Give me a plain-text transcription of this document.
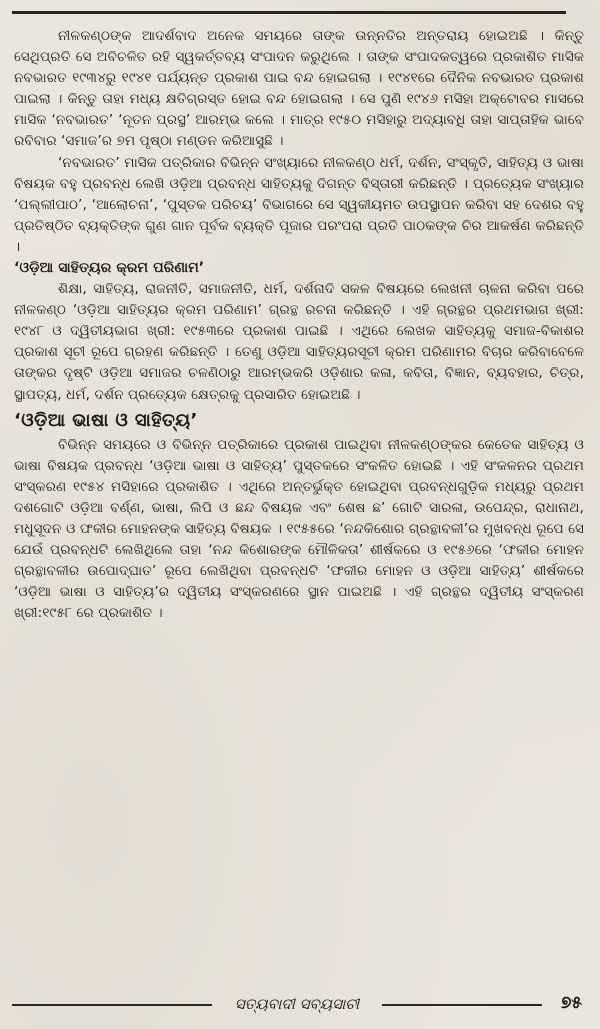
ନୀଳକଣ୍ଠଙ୍କ ଆଦର୍ଶବାଦ ଅନେକ ସମୟରେ ତାଙ୍କ ଉନ୍ନତିର ଅନ୍ତରାୟ ହୋଇଅଛି । କିନ୍ତୁ ସେଥିପ୍ରତି ସେ ଅବିଚଳିତ ରହି ସ୍ୱକର୍ତ୍ତବ୍ୟ ସଂପାଦନ କରୁଥିଲେ । ତାଙ୍କ ସଂପାଦକତ୍ୱରେ ପ୍ରକାଶିତ ମାସିକ ନବଭାରତ ୧୯୩୪ରୁ ୧୯୪୧ ପର୍ଯ୍ୟନ୍ତ ପ୍ରକାଶ ପାଇ ବନ୍ଦ ହୋଇଗଲା । ୧୯୪୧ରେ ଦୈନିକ ନବଭାରତ ପ୍ରକାଶ ପାଇଲା । କିନ୍ତୁ ତାହା ମଧ୍ୟ କ୍ଷତିଗ୍ରସ୍ତ ହୋଇ ବନ୍ଦ ହୋଇଗଲା । ସେ ପୁଣି ୧୯୪୬ ମସିହା ଅକ୍ଟୋବର ମାସରେ ମାସିକ ‘ନବଭାରତ’ ‘ନୂତନ ପ୍ରସ୍ଥ’ ଆରମ୍ଭ କଲେ । ମାତ୍ର ୧୯୫୦ ମସିହାରୁ ଅଦ୍ୟାବଧି ତାହା ସାପ୍ତାହିକ ଭାବେ ରବିବାର ‘ସମାଜ’ର ୭ମ ପୃଷ୍ଠା ମଣ୍ଡନ କରିଆସୁଛି ।

‘ନବଭାରତ’ ମାସିକ ପତ୍ରିକାର ବିଭିନ୍ନ ସଂଖ୍ୟାରେ ନୀଳକଣ୍ଠ ଧର୍ମ, ଦର୍ଶନ, ସଂସ୍କୃତି, ସାହିତ୍ୟ ଓ ଭାଷା ବିଷୟକ ବହୁ ପ୍ରବନ୍ଧ ଲେଖି ଓଡ଼ିଆ ପ୍ରବନ୍ଧ ସାହିତ୍ୟକୁ ଦିଗନ୍ତ ବିସ୍ତାରୀ କରିଛନ୍ତି । ପ୍ରତ୍ୟେକ ସଂଖ୍ୟାର ‘ପଲ୍ଲୀପାଠ’, ‘ଆଲୋଚନା’, ‘ପୁସ୍ତକ ପରିଚୟ’ ବିଭାଗରେ ସେ ସ୍ୱକୀୟମତ ଉପସ୍ଥାପନ କରିବା ସହ ଦେଶର ବହୁ ପ୍ରତିଷ୍ଠିତ ବ୍ୟକ୍ତିଙ୍କ ଗୁଣ ଗାନ ପୂର୍ବକ ବ୍ୟକ୍ତି ପୂଜାର ପରଂପରା ପ୍ରତି ପାଠକଙ୍କ ଚିର ଆକର୍ଷଣ କରିଛନ୍ତି ।

‘ଓଡ଼ିଆ ସାହିତ୍ୟର କ୍ରମ ପରିଣାମ’

ଶିକ୍ଷା, ସାହିତ୍ୟ, ରାଜନୀତି, ସମାଜନୀତି, ଧର୍ମ, ଦର୍ଶନାଦି ସକଳ ବିଷୟରେ ଲେଖନୀ ଚାଳନା କରିବା ପରେ ନୀଳକଣ୍ଠ ‘ଓଡ଼ିଆ ସାହିତ୍ୟର କ୍ରମ ପରିଣାମ’ ଗ୍ରନ୍ଥ ରଚନା କରିଛନ୍ତି । ଏହି ଗ୍ରନ୍ଥର ପ୍ରଥମଭାଗ ଖ୍ରୀ: ୧୯୪୮ ଓ ଦ୍ୱିତୀୟଭାଗ ଖ୍ରୀ: ୧୯୫୩ରେ ପ୍ରକାଶ ପାଇଛି । ଏଥିରେ ଲେଖକ ସାହିତ୍ୟକୁ ସମାଜ-ବିକାଶର ପ୍ରକାଶ ସୂଚୀ ରୂପେ ଗ୍ରହଣ କରିଛନ୍ତି । ତେଣୁ ଓଡ଼ିଆ ସାହିତ୍ୟରସୂଚୀ କ୍ରମ ପରିଣାମର ବିଚାର କରିବାବେଳେ ତାଙ୍କର ଦୃଷ୍ଟି ଓଡ଼ିଆ ସମାଜର ଚଳଣିଠାରୁ ଆରମ୍ଭକରି ଓଡ଼ିଶାର କଳା, କବିତା, ବିଜ୍ଞାନ, ବ୍ୟବହାର, ଚିତ୍ର, ସ୍ଥାପତ୍ୟ, ଧର୍ମ, ଦର୍ଶନ ପ୍ରତ୍ୟେକ କ୍ଷେତ୍ରକୁ ପ୍ରସାରିତ ହୋଇଅଛି ।

‘ଓଡ଼ିଆ ଭାଷା ଓ ସାହିତ୍ୟ’

ବିଭିନ୍ନ ସମୟରେ ଓ ବିଭିନ୍ନ ପତ୍ରିକାରେ ପ୍ରକାଶ ପାଇଥିବା ନୀଳକଣ୍ଠଙ୍କର କେତେକ ସାହିତ୍ୟ ଓ ଭାଷା ବିଷୟକ ପ୍ରବନ୍ଧ ‘ଓଡ଼ିଆ ଭାଷା ଓ ସାହିତ୍ୟ’ ପୁସ୍ତକରେ ସଂକଳିତ ହୋଇଛି । ଏହି ସଂକଳନର ପ୍ରଥମ ସଂସ୍କରଣ ୧୯୫୪ ମସିହାରେ ପ୍ରକାଶିତ । ଏଥିରେ ଅନ୍ତର୍ଭୁକ୍ତ ହୋଇଥିବା ପ୍ରବନ୍ଧଗୁଡ଼ିକ ମଧ୍ୟରୁ ପ୍ରଥମ ଦଶଗୋଟି ଓଡ଼ିଆ ବର୍ଣ୍ଣ, ଭାଷା, ଲିପି ଓ ଛନ୍ଦ ବିଷୟକ ଏବଂ ଶେଷ ଛ’ ଗୋଟି ସାରଳା, ଉପେନ୍ଦ୍ର, ରାଧାନାଥ, ମଧୁସୂଦନ ଓ ଫକୀର ମୋହନଙ୍କ ସାହିତ୍ୟ ବିଷୟକ । ୧୯୫୫ରେ ‘ନନ୍ଦକିଶୋର ଗ୍ରନ୍ଥାବଳୀ’ର ମୁଖବନ୍ଧ ରୂପେ ସେ ଯେଉଁ ପ୍ରବନ୍ଧଟି ଲେଖିଥିଲେ ତାହା ‘ନନ୍ଦ କିଶୋରଙ୍କ ମୌଳିକତା’ ଶୀର୍ଷକରେ ଓ ୧୯୫୬ରେ ‘ଫକୀର ମୋହନ ଗ୍ରନ୍ଥାବଳୀର ଉପୋଦ୍‌ଘାତ’ ରୂପେ ଲେଖିଥିବା ପ୍ରବନ୍ଧଟି ‘ଫକୀର ମୋହନ ଓ ଓଡ଼ିଆ ସାହିତ୍ୟ’ ଶୀର୍ଷକରେ ‘ଓଡ଼ିଆ ଭାଷା ଓ ସାହିତ୍ୟ’ର ଦ୍ୱିତୀୟ ସଂସ୍କରଣରେ ସ୍ଥାନ ପାଇଅଛି । ଏହି ଗ୍ରନ୍ଥର ଦ୍ୱିତୀୟ ସଂସ୍କରଣ ଖ୍ରୀ:୧୯୫୮ ରେ ପ୍ରକାଶିତ ।

ସତ୍ୟବାଦୀ ସବ୍ୟସାଚୀ	୭୫
